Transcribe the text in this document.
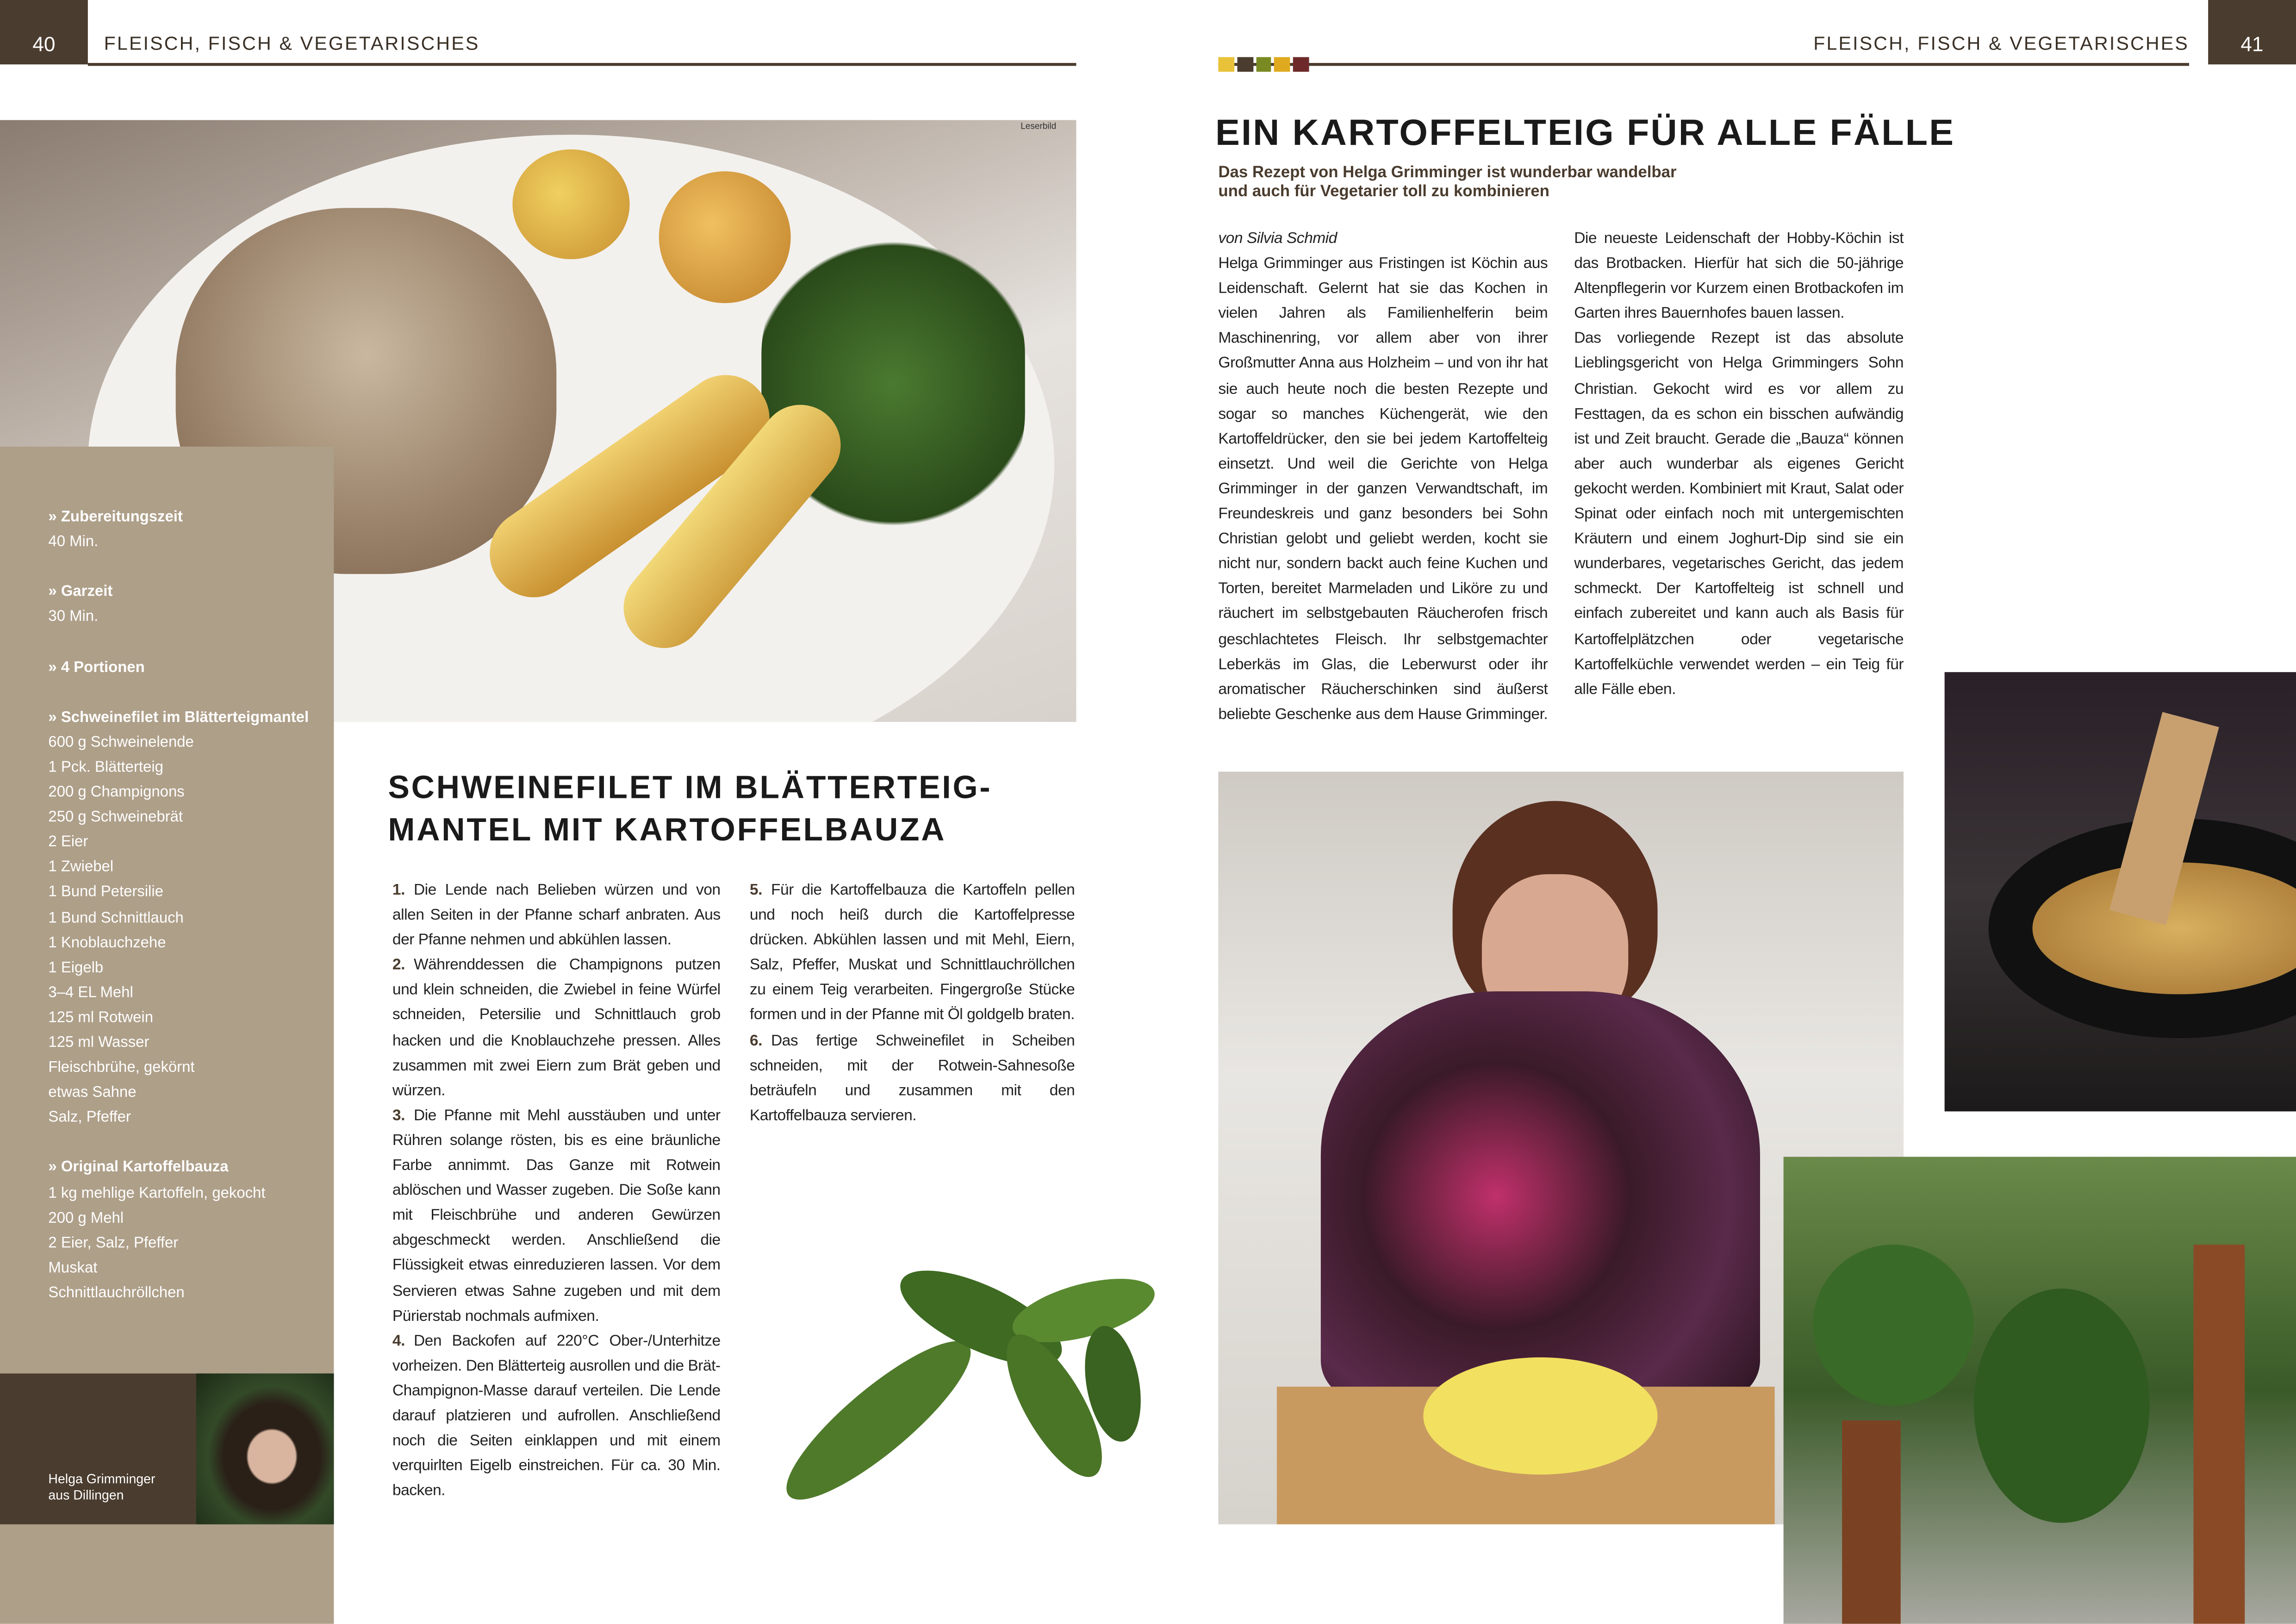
40	FLEISCH, FISCH & VEGETARISCHES
Leserbild
» Zubereitungszeit
40 Min.
» Garzeit
30 Min.
» 4 Portionen
» Schweinefilet im Blätterteigmantel
600 g Schweinelende
1 Pck. Blätterteig
200 g Champignons
250 g Schweinebrät
2 Eier
1 Zwiebel
1 Bund Petersilie
1 Bund Schnittlauch
1 Knoblauchzehe
1 Eigelb
3–4 EL Mehl
125 ml Rotwein
125 ml Wasser
Fleischbrühe, gekörnt
etwas Sahne
Salz, Pfeffer
» Original Kartoffelbauza
1 kg mehlige Kartoffeln, gekocht
200 g Mehl
2 Eier, Salz, Pfeffer
Muskat
Schnittlauchröllchen
Helga Grimminger
aus Dillingen
SCHWEINEFILET IM BLÄTTERTEIG-
MANTEL MIT KARTOFFELBAUZA

1. Die Lende nach Belieben würzen und von allen Seiten in der Pfanne scharf anbraten. Aus der Pfanne nehmen und abkühlen lassen.

2. Währenddessen die Champignons putzen und klein schneiden, die Zwiebel in feine Würfel schneiden, Petersilie und Schnittlauch grob hacken und die Knoblauchzehe pressen. Alles zusammen mit zwei Eiern zum Brät geben und würzen.

3. Die Pfanne mit Mehl ausstäuben und unter Rühren solange rösten, bis es eine bräunliche Farbe annimmt. Das Ganze mit Rotwein ablöschen und Wasser zugeben. Die Soße kann mit Fleischbrühe und anderen Gewürzen abgeschmeckt werden. Anschließend die Flüssigkeit etwas einreduzieren lassen. Vor dem Servieren etwas Sahne zugeben und mit dem Pürierstab nochmals aufmixen.

4. Den Backofen auf 220°C Ober-/Unterhitze vorheizen. Den Blätterteig ausrollen und die Brät-Champignon-Masse darauf verteilen. Die Lende darauf platzieren und aufrollen. Anschließend noch die Seiten einklappen und mit einem verquirlten Eigelb einstreichen. Für ca. 30 Min. backen.

5. Für die Kartoffelbauza die Kartoffeln pellen und noch heiß durch die Kartoffelpresse drücken. Abkühlen lassen und mit Mehl, Eiern, Salz, Pfeffer, Muskat und Schnittlauchröllchen zu einem Teig verarbeiten. Fingergroße Stücke formen und in der Pfanne mit Öl goldgelb braten.

6. Das fertige Schweinefilet in Scheiben schneiden, mit der Rotwein-Sahnesoße beträufeln und zusammen mit den Kartoffelbauza servieren.

41
FLEISCH, FISCH & VEGETARISCHES
EIN KARTOFFELTEIG FÜR ALLE FÄLLE
Das Rezept von Helga Grimminger ist wunderbar wandelbar
und auch für Vegetarier toll zu kombinieren

von Silvia Schmid

Helga Grimminger aus Fristingen ist Köchin aus Leidenschaft. Gelernt hat sie das Kochen in vielen Jahren als Familienhelferin beim Maschinenring, vor allem aber von ihrer Großmutter Anna aus Holzheim – und von ihr hat sie auch heute noch die besten Rezepte und sogar so manches Küchengerät, wie den Kartoffeldrücker, den sie bei jedem Kartoffelteig einsetzt. Und weil die Gerichte von Helga Grimminger in der ganzen Verwandtschaft, im Freundeskreis und ganz besonders bei Sohn Christian gelobt und geliebt werden, kocht sie nicht nur, sondern backt auch feine Kuchen und Torten, bereitet Marmeladen und Liköre zu und räuchert im selbstgebauten Räucherofen frisch geschlachtetes Fleisch. Ihr selbstgemachter Leberkäs im Glas, die Leberwurst oder ihr aromatischer Räucherschinken sind äußerst beliebte Geschenke aus dem Hause Grimminger. Die neueste Leidenschaft der Hobby-Köchin ist das Brotbacken. Hierfür hat sich die 50-jährige Altenpflegerin vor Kurzem einen Brotbackofen im Garten ihres Bauernhofes bauen lassen.

Das vorliegende Rezept ist das absolute Lieblingsgericht von Helga Grimmingers Sohn Christian. Gekocht wird es vor allem zu Festtagen, da es schon ein bisschen aufwändig ist und Zeit braucht. Gerade die „Bauza“ können aber auch wunderbar als eigenes Gericht gekocht werden. Kombiniert mit Kraut, Salat oder Spinat oder einfach noch mit untergemischten Kräutern und einem Joghurt-Dip sind sie ein wunderbares, vegetarisches Gericht, das jedem schmeckt. Der Kartoffelteig ist schnell und einfach zubereitet und kann auch als Basis für Kartoffelplätzchen oder vegetarische Kartoffelküchle verwendet werden – ein Teig für alle Fälle eben.
